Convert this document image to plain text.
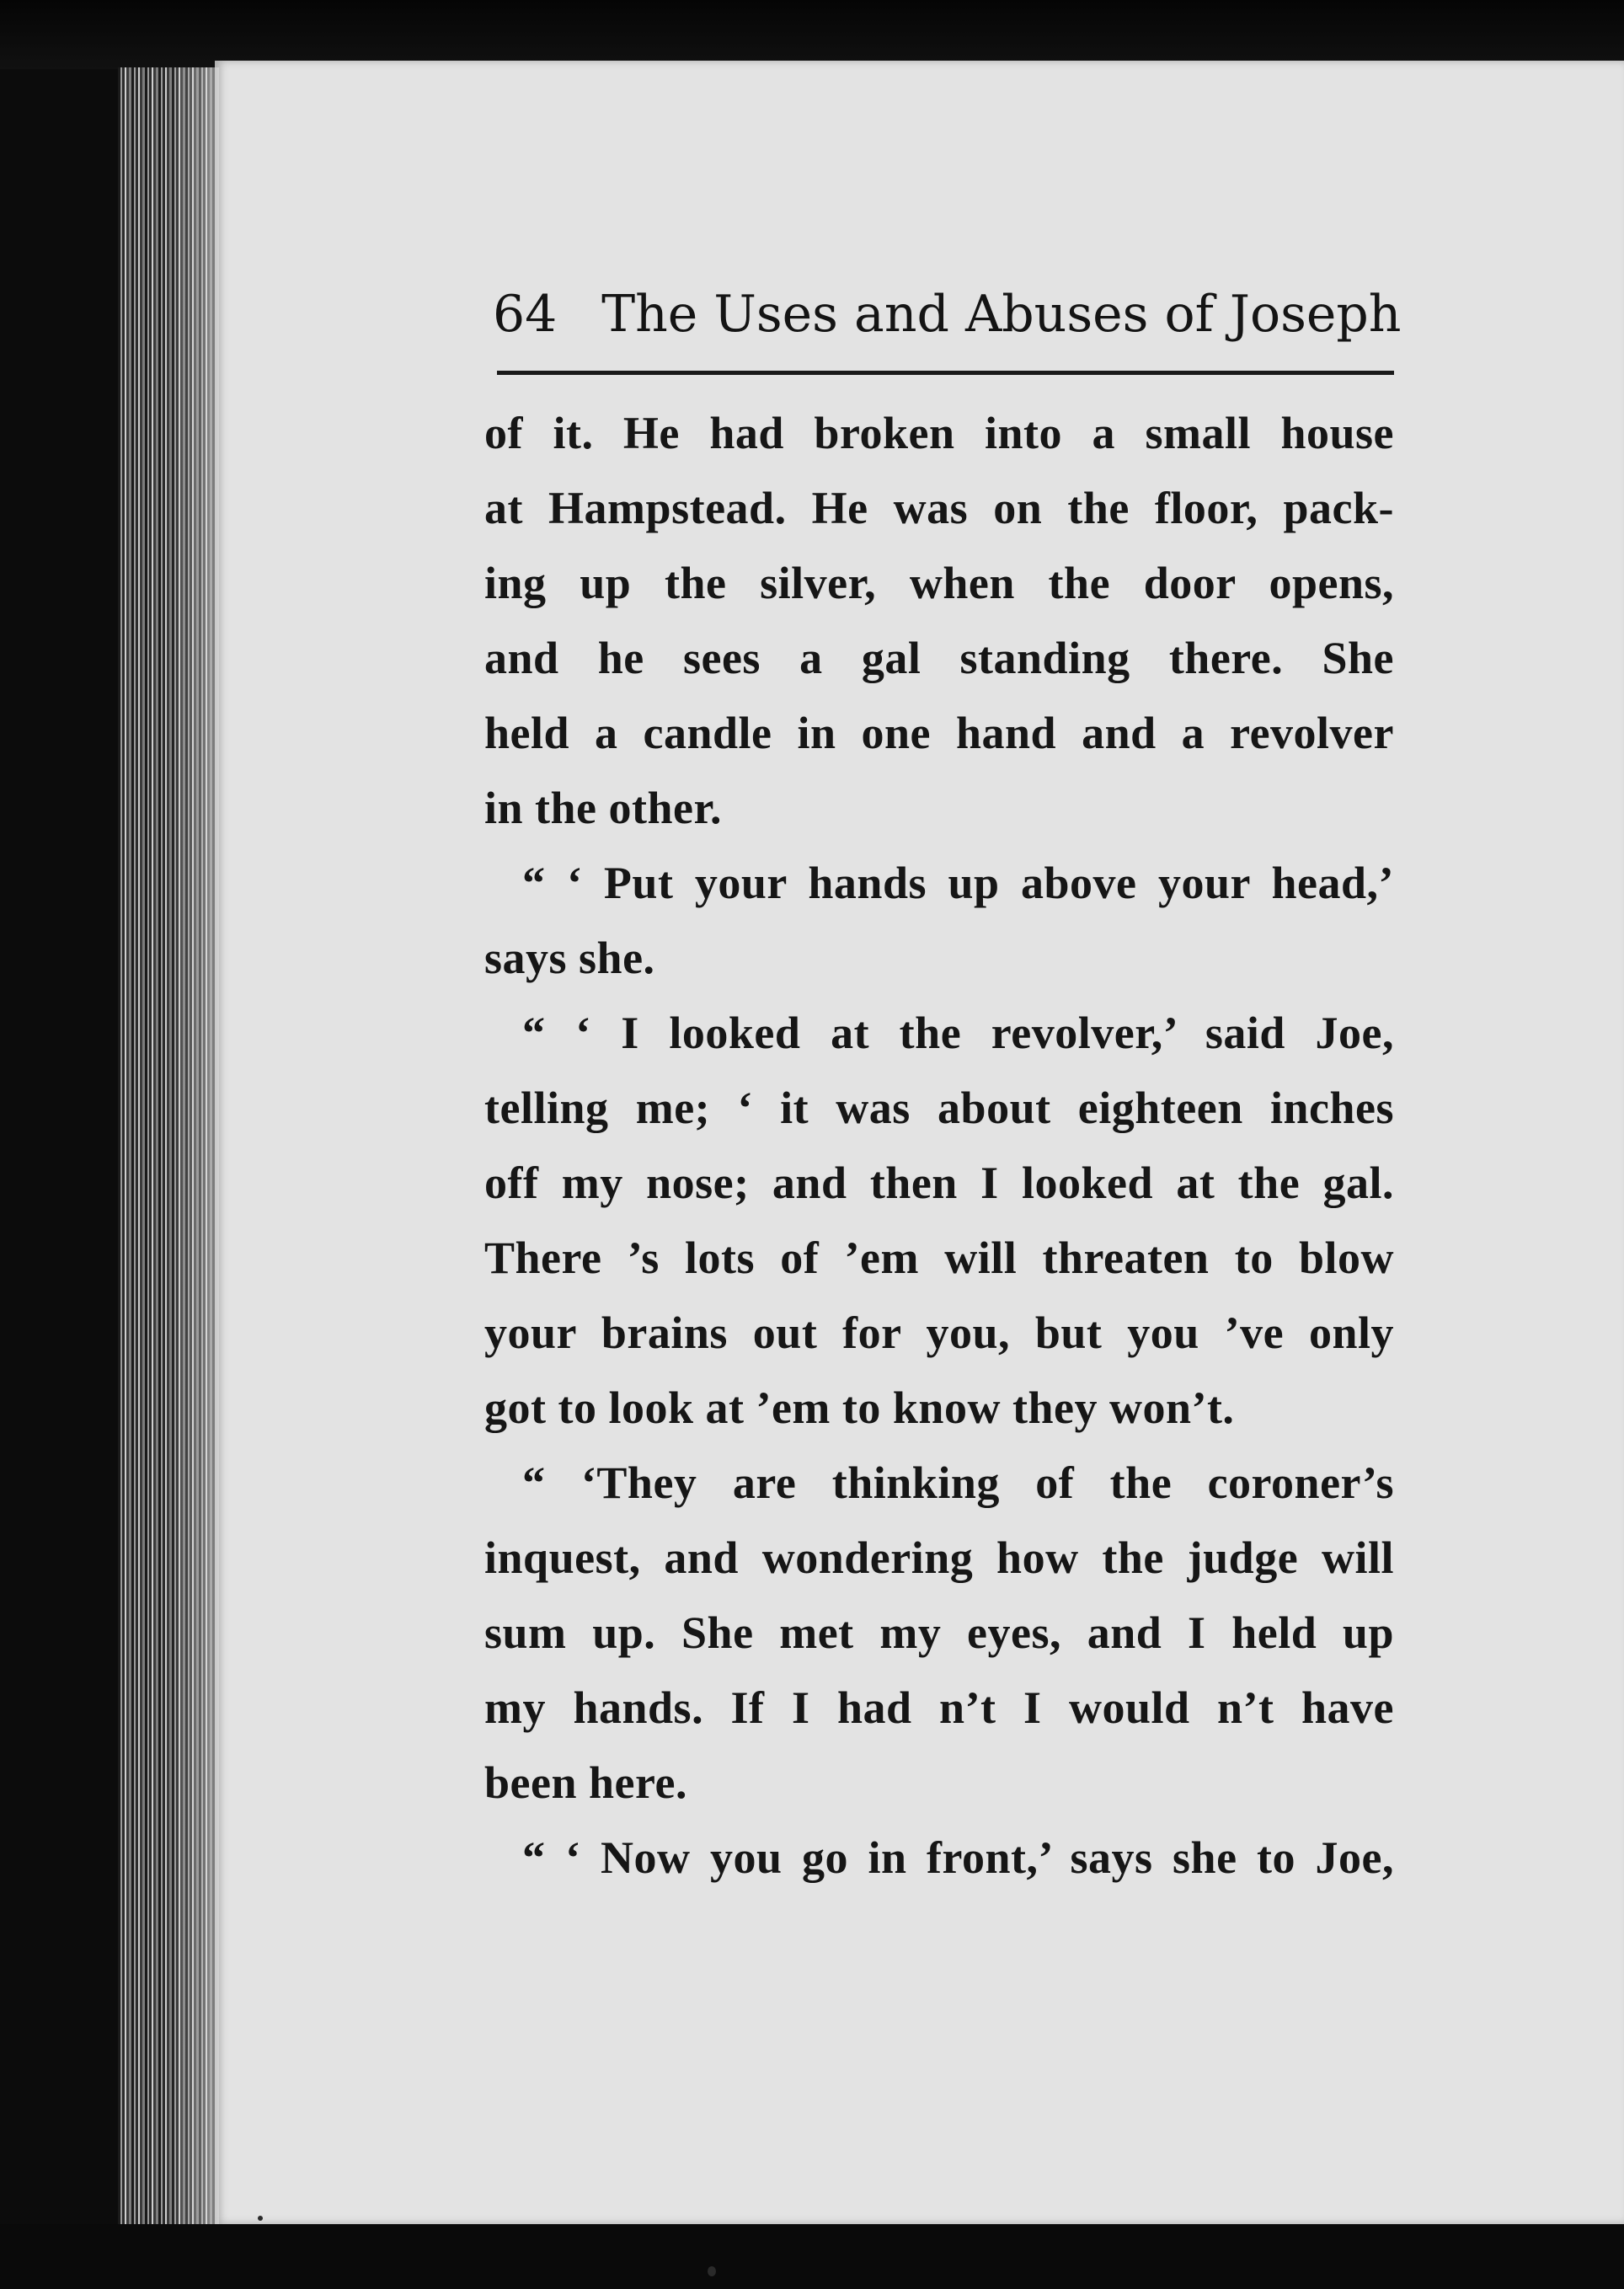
64 The Uses and Abuses of Joseph
of it. He had broken into a small house
at Hampstead. He was on the floor, pack-
ing up the silver, when the door opens,
and he sees a gal standing there. She
held a candle in one hand and a revolver
in the other.
“ ‘ Put your hands up above your head,’
says she.
“ ‘ I looked at the revolver,’ said Joe,
telling me; ‘ it was about eighteen inches
off my nose; and then I looked at the gal.
There ’s lots of ’em will threaten to blow
your brains out for you, but you ’ve only
got to look at ’em to know they won’t.
“ ‘They are thinking of the coroner’s
inquest, and wondering how the judge will
sum up. She met my eyes, and I held up
my hands. If I had n’t I would n’t have
been here.
“ ‘ Now you go in front,’ says she to Joe,
